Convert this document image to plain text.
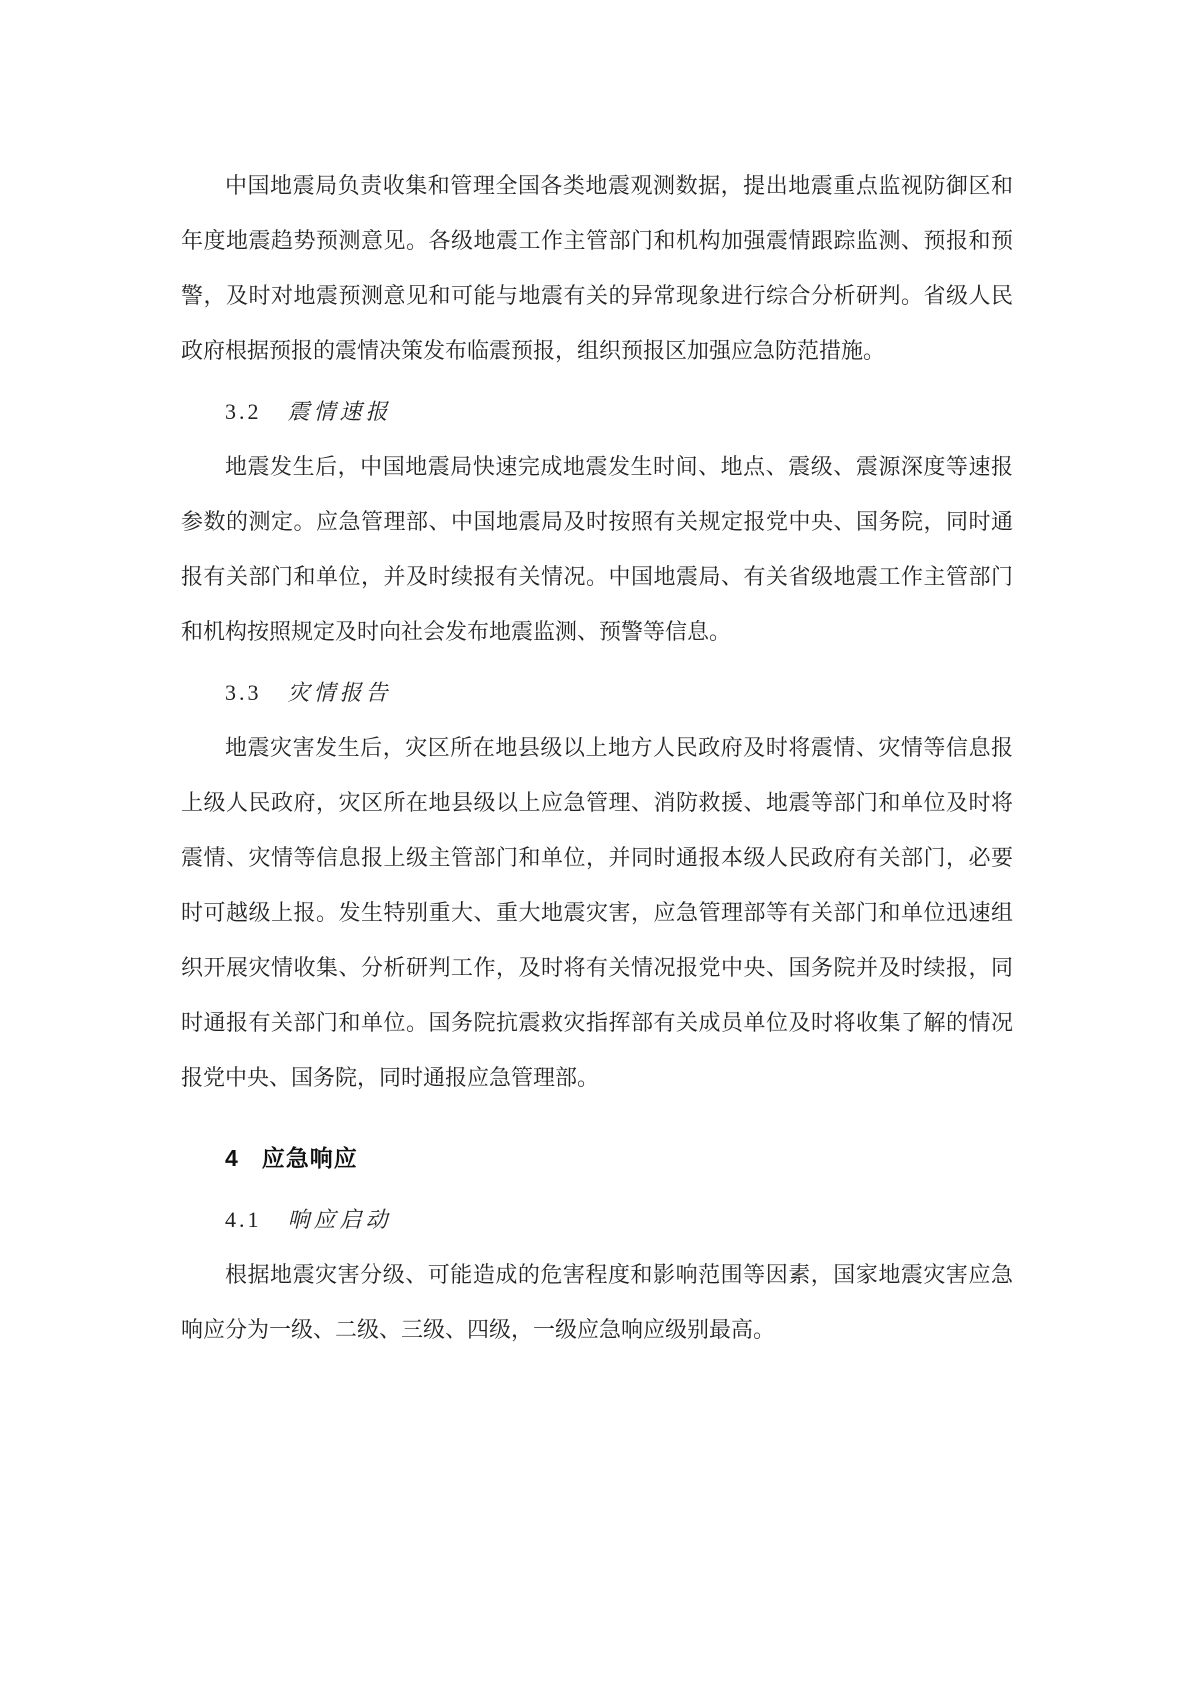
中国地震局负责收集和管理全国各类地震观测数据，提出地震重点监视防御区和年度地震趋势预测意见。各级地震工作主管部门和机构加强震情跟踪监测、预报和预警，及时对地震预测意见和可能与地震有关的异常现象进行综合分析研判。省级人民政府根据预报的震情决策发布临震预报，组织预报区加强应急防范措施。

3.2 震情速报

地震发生后，中国地震局快速完成地震发生时间、地点、震级、震源深度等速报参数的测定。应急管理部、中国地震局及时按照有关规定报党中央、国务院，同时通报有关部门和单位，并及时续报有关情况。中国地震局、有关省级地震工作主管部门和机构按照规定及时向社会发布地震监测、预警等信息。

3.3 灾情报告

地震灾害发生后，灾区所在地县级以上地方人民政府及时将震情、灾情等信息报上级人民政府，灾区所在地县级以上应急管理、消防救援、地震等部门和单位及时将震情、灾情等信息报上级主管部门和单位，并同时通报本级人民政府有关部门，必要时可越级上报。发生特别重大、重大地震灾害，应急管理部等有关部门和单位迅速组织开展灾情收集、分析研判工作，及时将有关情况报党中央、国务院并及时续报，同时通报有关部门和单位。国务院抗震救灾指挥部有关成员单位及时将收集了解的情况报党中央、国务院，同时通报应急管理部。

4 应急响应
4.1 响应启动

根据地震灾害分级、可能造成的危害程度和影响范围等因素，国家地震灾害应急响应分为一级、二级、三级、四级，一级应急响应级别最高。
